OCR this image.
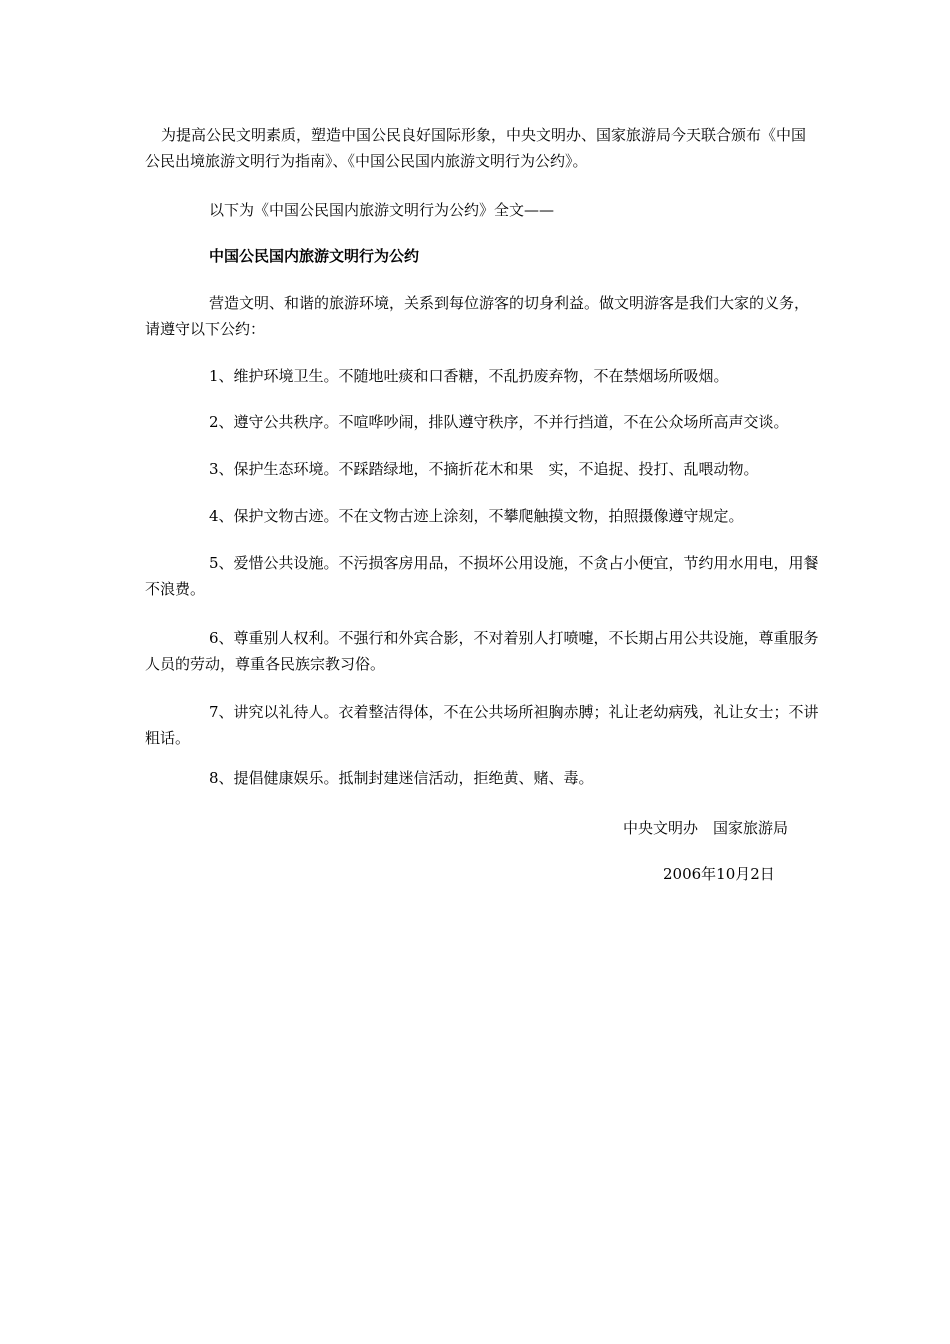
为提高公民文明素质，塑造中国公民良好国际形象，中央文明办、国家旅游局今天联合颁布《中国公民出境旅游文明行为指南》、《中国公民国内旅游文明行为公约》。

以下为《中国公民国内旅游文明行为公约》全文——

中国公民国内旅游文明行为公约

营造文明、和谐的旅游环境，关系到每位游客的切身利益。做文明游客是我们大家的义务，请遵守以下公约：

1、维护环境卫生。不随地吐痰和口香糖，不乱扔废弃物，不在禁烟场所吸烟。

2、遵守公共秩序。不喧哗吵闹，排队遵守秩序，不并行挡道，不在公众场所高声交谈。

3、保护生态环境。不踩踏绿地，不摘折花木和果　实，不追捉、投打、乱喂动物。

4、保护文物古迹。不在文物古迹上涂刻，不攀爬触摸文物，拍照摄像遵守规定。

5、爱惜公共设施。不污损客房用品，不损坏公用设施，不贪占小便宜，节约用水用电，用餐不浪费。

6、尊重别人权利。不强行和外宾合影，不对着别人打喷嚏，不长期占用公共设施，尊重服务人员的劳动，尊重各民族宗教习俗。

7、讲究以礼待人。衣着整洁得体，不在公共场所袒胸赤膊；礼让老幼病残，礼让女士；不讲粗话。

8、提倡健康娱乐。抵制封建迷信活动，拒绝黄、赌、毒。

中央文明办　国家旅游局

2006年10月2日
